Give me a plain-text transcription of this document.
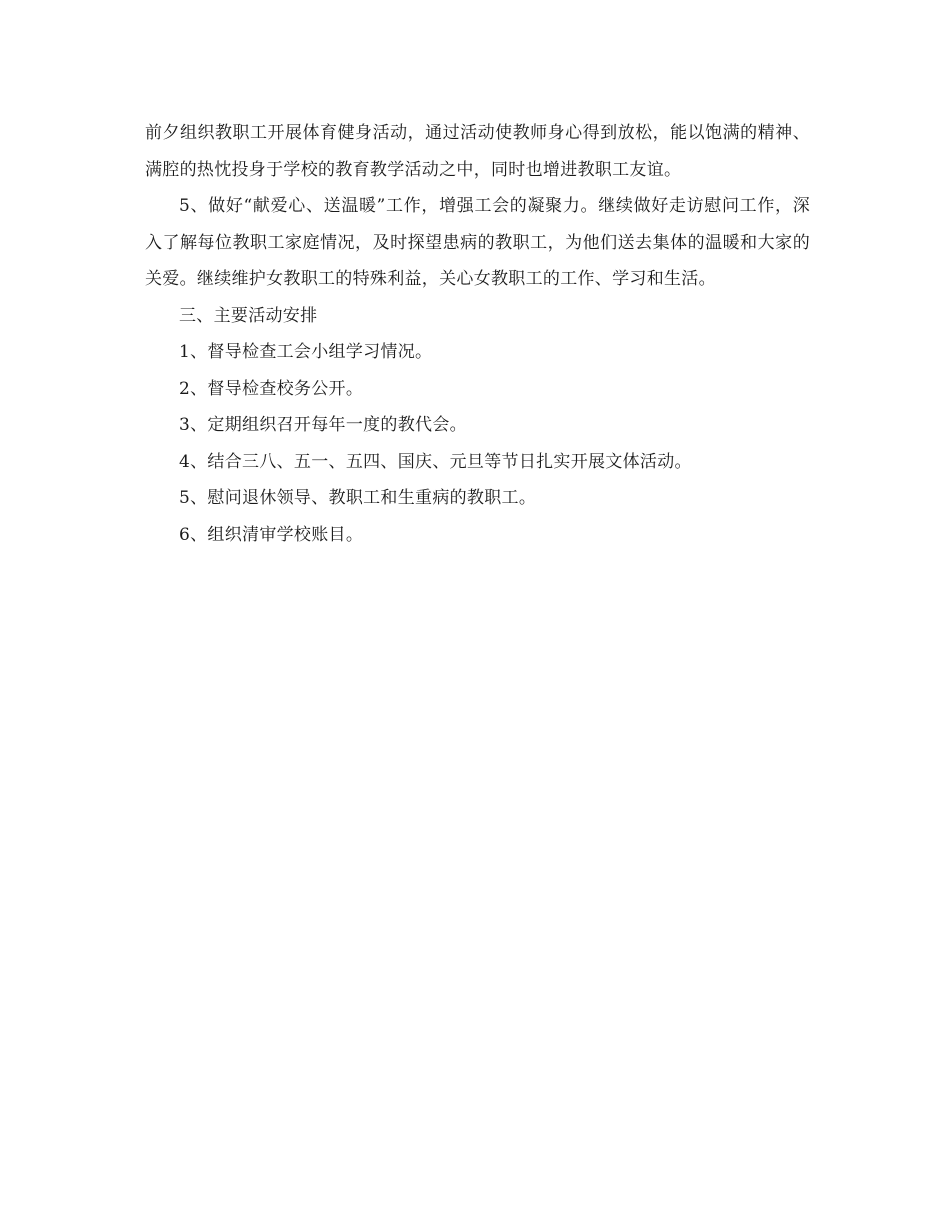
前夕组织教职工开展体育健身活动，通过活动使教师身心得到放松，能以饱满的精神、满腔的热忱投身于学校的教育教学活动之中，同时也增进教职工友谊。

5、做好“献爱心、送温暖”工作，增强工会的凝聚力。继续做好走访慰问工作，深入了解每位教职工家庭情况，及时探望患病的教职工，为他们送去集体的温暖和大家的关爱。继续维护女教职工的特殊利益，关心女教职工的工作、学习和生活。

三、主要活动安排

1、督导检查工会小组学习情况。

2、督导检查校务公开。

3、定期组织召开每年一度的教代会。

4、结合三八、五一、五四、国庆、元旦等节日扎实开展文体活动。

5、慰问退休领导、教职工和生重病的教职工。

6、组织清审学校账目。
